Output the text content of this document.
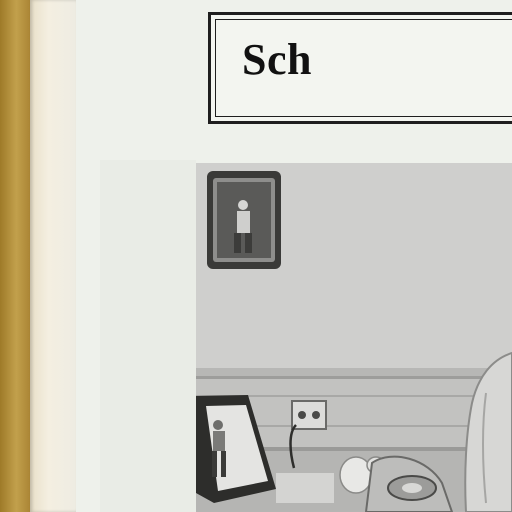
Sch
